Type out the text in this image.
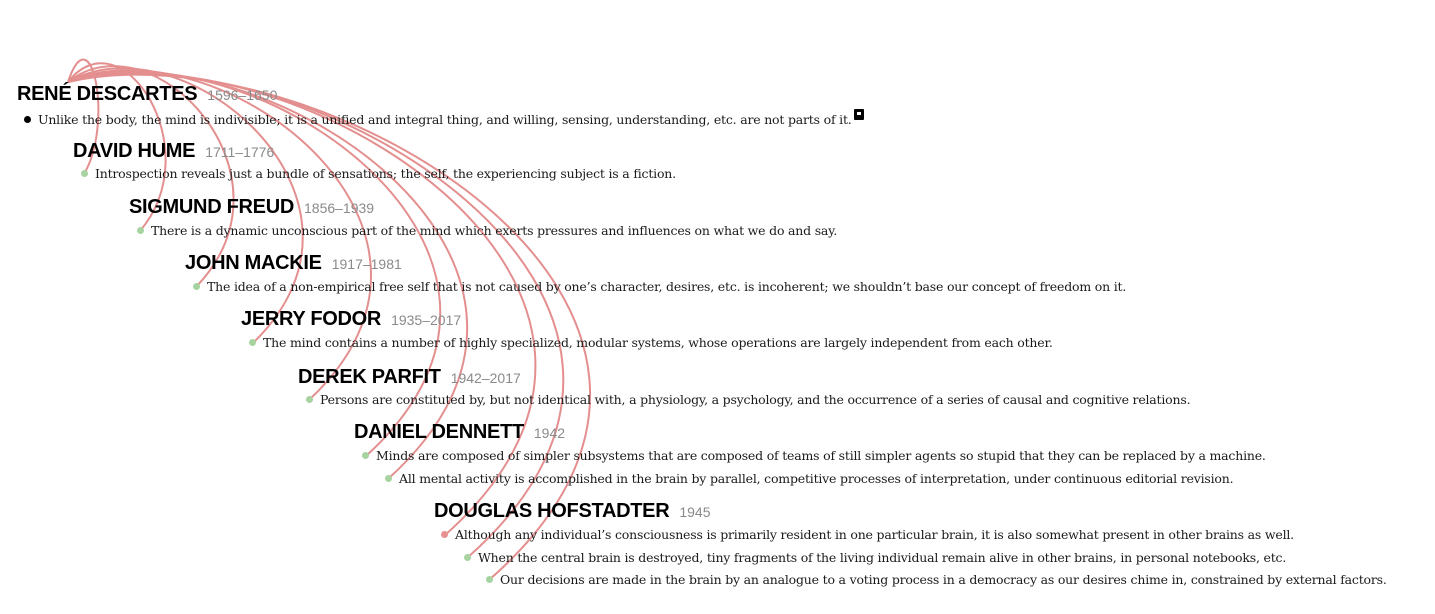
RENÉ DESCARTES 1596–1650
Unlike the body, the mind is indivisible; it is a unified and integral thing, and willing, sensing, understanding, etc. are not parts of it.
DAVID HUME 1711–1776
Introspection reveals just a bundle of sensations; the self, the experiencing subject is a fiction.
SIGMUND FREUD 1856–1939
There is a dynamic unconscious part of the mind which exerts pressures and influences on what we do and say.
JOHN MACKIE 1917–1981
The idea of a non-empirical free self that is not caused by one’s character, desires, etc. is incoherent; we shouldn’t base our concept of freedom on it.
JERRY FODOR 1935–2017
The mind contains a number of highly specialized, modular systems, whose operations are largely independent from each other.
DEREK PARFIT 1942–2017
Persons are constituted by, but not identical with, a physiology, a psychology, and the occurrence of a series of causal and cognitive relations.
DANIEL DENNETT 1942
Minds are composed of simpler subsystems that are composed of teams of still simpler agents so stupid that they can be replaced by a machine.
All mental activity is accomplished in the brain by parallel, competitive processes of interpretation, under continuous editorial revision.
DOUGLAS HOFSTADTER 1945
Although any individual’s consciousness is primarily resident in one particular brain, it is also somewhat present in other brains as well.
When the central brain is destroyed, tiny fragments of the living individual remain alive in other brains, in personal notebooks, etc.
Our decisions are made in the brain by an analogue to a voting process in a democracy as our desires chime in, constrained by external factors.
